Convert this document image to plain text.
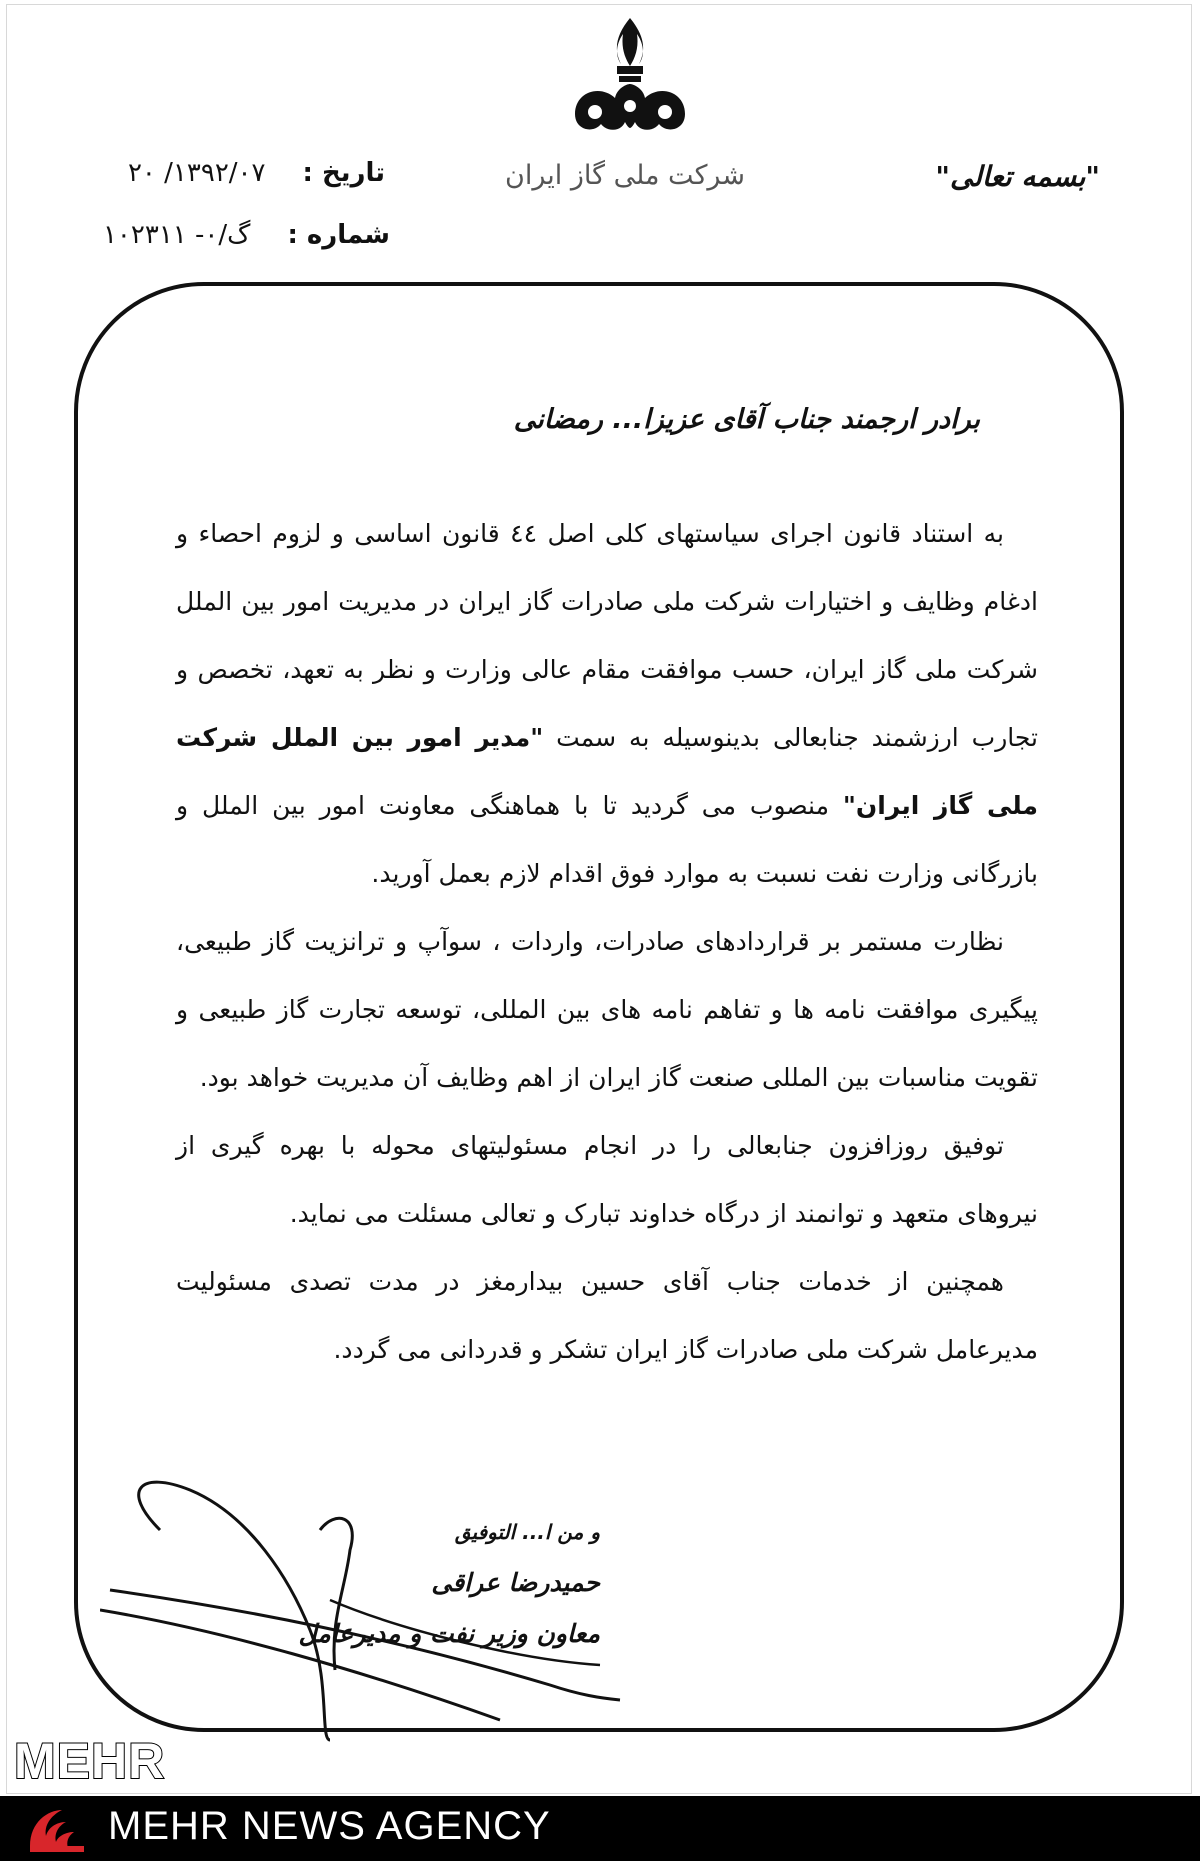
"بسمه تعالی"
شرکت ملی گاز ایران
تاریخ : ۱۳۹۲/۰۷/ ۲۰
شماره : گ/۰- ۱۰۲۳۱۱
برادر ارجمند جناب آقای عزیزا... رمضانی

به استناد قانون اجرای سیاستهای کلی اصل ٤٤ قانون اساسی و لزوم احصاء و ادغام وظایف و اختیارات شرکت ملی صادرات گاز ایران در مدیریت امور بین الملل شرکت ملی گاز ایران، حسب موافقت مقام عالی وزارت و نظر به تعهد، تخصص و تجارب ارزشمند جنابعالی بدینوسیله به سمت "مدیر امور بین الملل شرکت ملی گاز ایران" منصوب می گردید تا با هماهنگی معاونت امور بین الملل و بازرگانی وزارت نفت نسبت به موارد فوق اقدام لازم بعمل آورید.

نظارت مستمر بر قراردادهای صادرات، واردات ، سوآپ و ترانزیت گاز طبیعی، پیگیری موافقت نامه ها و تفاهم نامه های بین المللی، توسعه تجارت گاز طبیعی و تقویت مناسبات بین المللی صنعت گاز ایران از اهم وظایف آن مدیریت خواهد بود.

توفیق روزافزون جنابعالی را در انجام مسئولیتهای محوله با بهره گیری از نیروهای متعهد و توانمند از درگاه خداوند تبارک و تعالی مسئلت می نماید.

همچنین از خدمات جناب آقای حسین بیدارمغز در مدت تصدی مسئولیت مدیرعامل شرکت ملی صادرات گاز ایران تشکر و قدردانی می گردد.

و من ا... التوفیق
حمیدرضا عراقی
معاون وزیر نفت و مدیرعامل
MEHR
MEHR NEWS AGENCY
